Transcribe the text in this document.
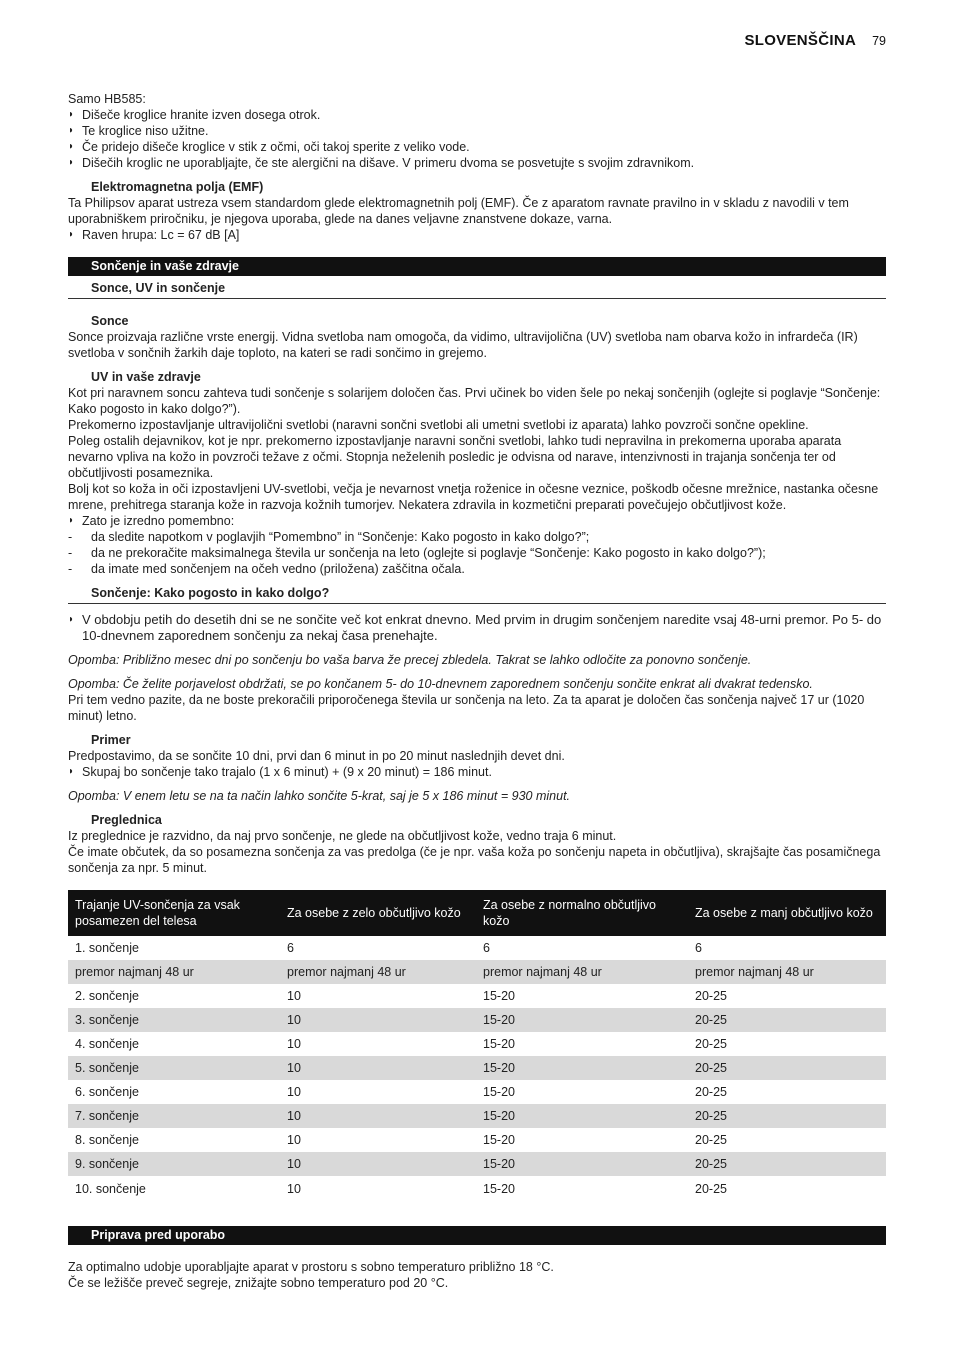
SLOVENŠČINA 79

Samo HB585:

◗ Dišeče kroglice hranite izven dosega otrok.

◗ Te kroglice niso užitne.

◗ Če pridejo dišeče kroglice v stik z očmi, oči takoj sperite z veliko vode.

◗ Dišečih kroglic ne uporabljajte, če ste alergični na dišave. V primeru dvoma se posvetujte s svojim zdravnikom.

Elektromagnetna polja (EMF)

Ta Philipsov aparat ustreza vsem standardom glede elektromagnetnih polj (EMF). Če z aparatom ravnate pravilno in v skladu z navodili v tem uporabniškem priročniku, je njegova uporaba, glede na danes veljavne znanstvene dokaze, varna.

◗ Raven hrupa: Lc = 67 dB [A]

Sončenje in vaše zdravje

Sonce, UV in sončenje

Sonce

Sonce proizvaja različne vrste energij. Vidna svetloba nam omogoča, da vidimo, ultravijolična (UV) svetloba nam obarva kožo in infrardeča (IR) svetloba v sončnih žarkih daje toploto, na kateri se radi sončimo in grejemo.

UV in vaše zdravje

Kot pri naravnem soncu zahteva tudi sončenje s solarijem določen čas. Prvi učinek bo viden šele po nekaj sončenjih (oglejte si poglavje “Sončenje: Kako pogosto in kako dolgo?”).

Prekomerno izpostavljanje ultravijolični svetlobi (naravni sončni svetlobi ali umetni svetlobi iz aparata) lahko povzroči sončne opekline.

Poleg ostalih dejavnikov, kot je npr. prekomerno izpostavljanje naravni sončni svetlobi, lahko tudi nepravilna in prekomerna uporaba aparata nevarno vpliva na kožo in povzroči težave z očmi. Stopnja neželenih posledic je odvisna od narave, intenzivnosti in trajanja sončenja ter od občutljivosti posameznika.

Bolj kot so koža in oči izpostavljeni UV-svetlobi, večja je nevarnost vnetja roženice in očesne veznice, poškodb očesne mrežnice, nastanka očesne mrene, prehitrega staranja kože in razvoja kožnih tumorjev. Nekatera zdravila in kozmetični preparati povečujejo občutljivost kože.

◗ Zato je izredno pomembno:

- da sledite napotkom v poglavjih “Pomembno” in “Sončenje: Kako pogosto in kako dolgo?”;

- da ne prekoračite maksimalnega števila ur sončenja na leto (oglejte si poglavje “Sončenje: Kako pogosto in kako dolgo?”);

- da imate med sončenjem na očeh vedno (priložena) zaščitna očala.

Sončenje: Kako pogosto in kako dolgo?

◗ V obdobju petih do desetih dni se ne sončite več kot enkrat dnevno. Med prvim in drugim sončenjem naredite vsaj 48-urni premor. Po 5- do 10-dnevnem zaporednem sončenju za nekaj časa prenehajte.

Opomba: Približno mesec dni po sončenju bo vaša barva že precej zbledela. Takrat se lahko odločite za ponovno sončenje.

Opomba: Če želite porjavelost obdržati, se po končanem 5- do 10-dnevnem zaporednem sončenju sončite enkrat ali dvakrat tedensko.

Pri tem vedno pazite, da ne boste prekoračili priporočenega števila ur sončenja na leto. Za ta aparat je določen čas sončenja največ 17 ur (1020 minut) letno.

Primer

Predpostavimo, da se sončite 10 dni, prvi dan 6 minut in po 20 minut naslednjih devet dni.

◗ Skupaj bo sončenje tako trajalo (1 x 6 minut) + (9 x 20 minut) = 186 minut.

Opomba: V enem letu se na ta način lahko sončite 5-krat, saj je 5 x 186 minut = 930 minut.

Preglednica

Iz preglednice je razvidno, da naj prvo sončenje, ne glede na občutljivost kože, vedno traja 6 minut.

Če imate občutek, da so posamezna sončenja za vas predolga (če je npr. vaša koža po sončenju napeta in občutljiva), skrajšajte čas posamičnega sončenja za npr. 5 minut.

Trajanje UV-sončenja za vsak posamezen del telesa	Za osebe z zelo občutljivo kožo	Za osebe z normalno občutljivo kožo	Za osebe z manj občutljivo kožo
1. sončenje	6	6	6
premor najmanj 48 ur	premor najmanj 48 ur	premor najmanj 48 ur	premor najmanj 48 ur
2. sončenje	10	15-20	20-25
3. sončenje	10	15-20	20-25
4. sončenje	10	15-20	20-25
5. sončenje	10	15-20	20-25
6. sončenje	10	15-20	20-25
7. sončenje	10	15-20	20-25
8. sončenje	10	15-20	20-25
9. sončenje	10	15-20	20-25
10. sončenje	10	15-20	20-25
Priprava pred uporabo

Za optimalno udobje uporabljajte aparat v prostoru s sobno temperaturo približno 18 °C.

Če se ležišče preveč segreje, znižajte sobno temperaturo pod 20 °C.
